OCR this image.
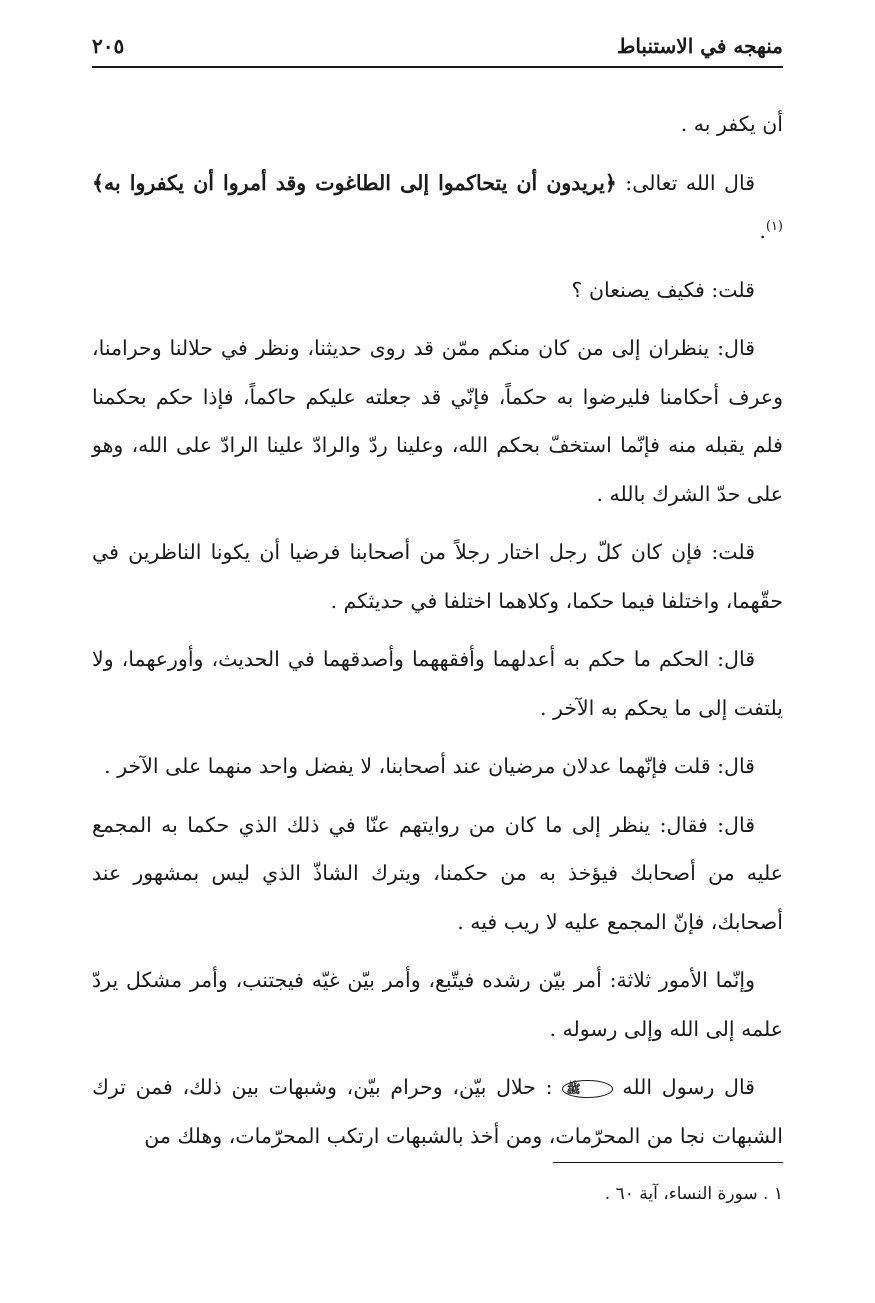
منهجه في الاستنباط
٢٠٥

أن يكفر به .

قال الله تعالى: ﴿يريدون أن يتحاكموا إلى الطاغوت وقد أمروا أن يكفروا به﴾$^{(١)}$.

قلت: فكيف يصنعان ؟

قال: ينظران إلى من كان منكم ممّن قد روى حديثنا، ونظر في حلالنا وحرامنا، وعرف أحكامنا فليرضوا به حكماً، فإنّي قد جعلته عليكم حاكماً، فإذا حكم بحكمنا فلم يقبله منه فإنّما استخفّ بحكم الله، وعلينا ردّ والرادّ علينا الرادّ على الله، وهو على حدّ الشرك بالله .

قلت: فإن كان كلّ رجل اختار رجلاً من أصحابنا فرضيا أن يكونا الناظرين في حقّهما، واختلفا فيما حكما، وكلاهما اختلفا في حديثكم .

قال: الحكم ما حكم به أعدلهما وأفقههما وأصدقهما في الحديث، وأورعهما، ولا يلتفت إلى ما يحكم به الآخر .

قال: قلت فإنّهما عدلان مرضيان عند أصحابنا، لا يفضل واحد منهما على الآخر .

قال: فقال: ينظر إلى ما كان من روايتهم عنّا في ذلك الذي حكما به المجمع عليه من أصحابك فيؤخذ به من حكمنا، ويترك الشاذّ الذي ليس بمشهور عند أصحابك، فإنّ المجمع عليه لا ريب فيه .

وإنّما الأمور ثلاثة: أمر بيّن رشده فيتّبع، وأمر بيّن غيّه فيجتنب، وأمر مشكل يردّ علمه إلى الله وإلى رسوله .

قال رسول الله ﷺ : حلال بيّن، وحرام بيّن، وشبهات بين ذلك، فمن ترك الشبهات نجا من المحرّمات، ومن أخذ بالشبهات ارتكب المحرّمات، وهلك من

١ . سورة النساء، آية ٦٠ .
